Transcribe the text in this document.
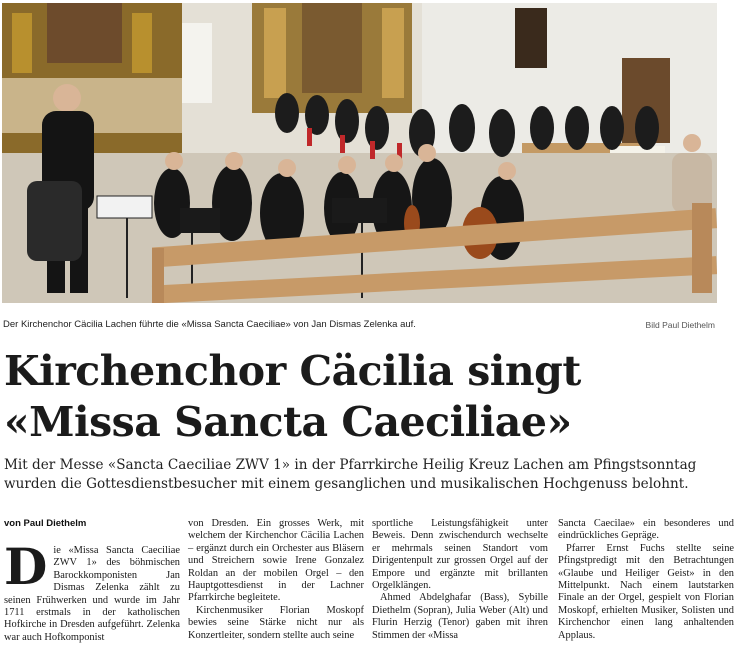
Der Kirchenchor Cäcilia Lachen führte die «Missa Sancta Caeciliae» von Jan Dismas Zelenka auf.	Bild Paul Diethelm
Kirchenchor Cäcilia singt
«Missa Sancta Caeciliae»

Mit der Messe «Sancta Caeciliae ZWV 1» in der Pfarrkirche Heilig Kreuz Lachen am Pfingstsonntag
wurden die Gottesdienstbesucher mit einem gesanglichen und musikalischen Hochgenuss belohnt.

von Paul Diethelm

Die «Missa Sancta Caeciliae ZWV 1» des böhmischen Barockkomponisten Jan Dismas Zelenka zählt zu seinen Frühwerken und wurde im Jahr 1711 erstmals in der katholischen Hofkirche in Dresden aufgeführt. Zelenka war auch Hofkomponist

von Dresden. Ein grosses Werk, mit welchem der Kirchenchor Cäcilia Lachen – ergänzt durch ein Orchester aus Bläsern und Streichern sowie Irene Gonzalez Roldan an der mobilen Orgel – den Hauptgottesdienst in der Lachner Pfarrkirche begleitete.

Kirchenmusiker Florian Moskopf bewies seine Stärke nicht nur als Konzertleiter, sondern stellte auch seine

sportliche Leistungsfähigkeit unter Beweis. Denn zwischendurch wechselte er mehrmals seinen Standort vom Dirigentenpult zur grossen Orgel auf der Empore und ergänzte mit brillanten Orgelklängen.

Ahmed Abdelghafar (Bass), Sybille Diethelm (Sopran), Julia Weber (Alt) und Flurin Herzig (Tenor) gaben mit ihren Stimmen der «Missa

Sancta Caecilae» ein besonderes und eindrückliches Gepräge.

Pfarrer Ernst Fuchs stellte seine Pfingstpredigt mit den Betrachtungen «Glaube und Heiliger Geist» in den Mittelpunkt. Nach einem lautstarken Finale an der Orgel, gespielt von Florian Moskopf, erhielten Musiker, Solisten und Kirchenchor einen lang anhaltenden Applaus.
